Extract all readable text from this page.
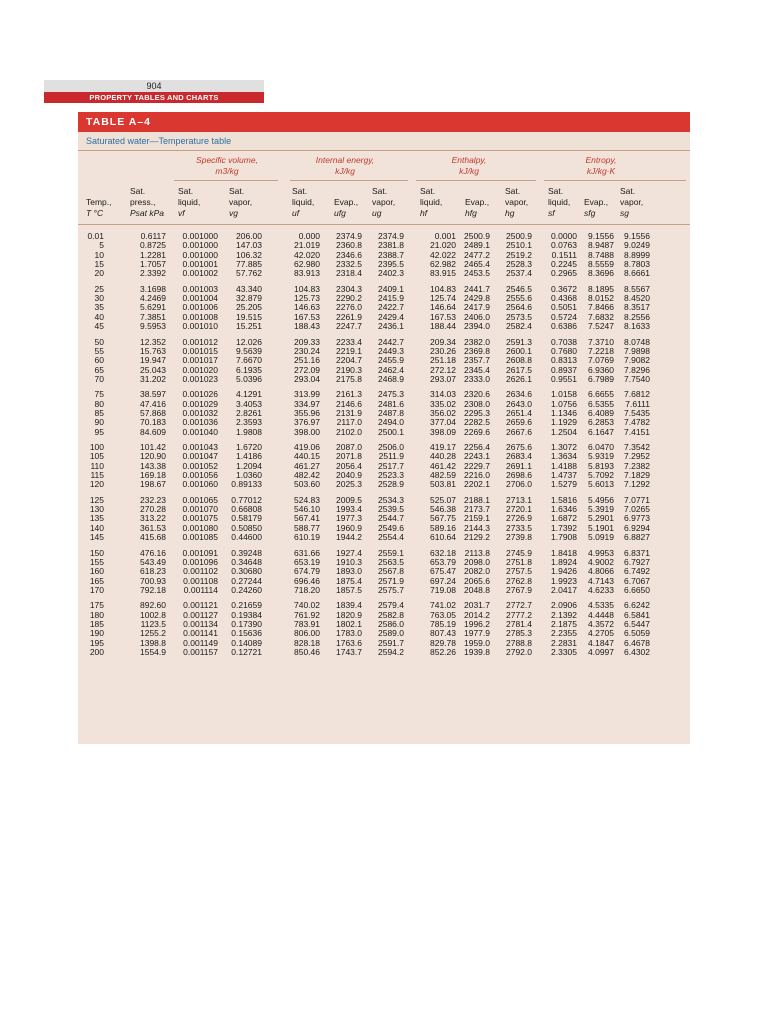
904
PROPERTY TABLES AND CHARTS
TABLE A–4
Saturated water—Temperature table
Specific volume,
m3/kg
Internal energy,
kJ/kg
Enthalpy,
kJ/kg
Entropy,
kJ/kg·K

Temp.,
T °C
Sat.
press.,
Psat kPa
Sat.
liquid,
vf
Sat.
vapor,
vg
Sat.
liquid,
uf

Evap.,
ufg
Sat.
vapor,
ug
Sat.
liquid,
hf

Evap.,
hfg
Sat.
vapor,
hg
Sat.
liquid,
sf

Evap.,
sfg
Sat.
vapor,
sg
0.01	0.6117 0.001000 206.00	0.000 2374.9 2374.9	0.001 2500.9 2500.9 0.0000 9.1556 9.1556
5	0.8725 0.001000 147.03	21.019 2360.8 2381.8	21.020 2489.1 2510.1 0.0763 8.9487 9.0249
10	1.2281 0.001000 106.32	42.020 2346.6 2388.7	42.022 2477.2 2519.2 0.1511 8.7488 8.8999
15	1.7057 0.001001 77.885	62.980 2332.5 2395.5	62.982 2465.4 2528.3 0.2245 8.5559 8.7803
20	2.3392 0.001002 57.762	83.913 2318.4 2402.3	83.915 2453.5 2537.4 0.2965 8.3696 8.6661
25	3.1698 0.001003 43.340	104.83 2304.3 2409.1	104.83 2441.7 2546.5 0.3672 8.1895 8.5567
30	4.2469 0.001004 32.879	125.73 2290.2 2415.9	125.74 2429.8 2555.6 0.4368 8.0152 8.4520
35	5.6291 0.001006 25.205	146.63 2276.0 2422.7	146.64 2417.9 2564.6 0.5051 7.8466 8.3517
40	7.3851 0.001008 19.515	167.53 2261.9 2429.4	167.53 2406.0 2573.5 0.5724 7.6832 8.2556
45	9.5953 0.001010 15.251	188.43 2247.7 2436.1	188.44 2394.0 2582.4 0.6386 7.5247 8.1633
50	12.352 0.001012 12.026	209.33 2233.4 2442.7	209.34 2382.0 2591.3 0.7038 7.3710 8.0748
55	15.763 0.001015 9.5639	230.24 2219.1 2449.3	230.26 2369.8 2600.1 0.7680 7.2218 7.9898
60	19.947 0.001017 7.6670	251.16 2204.7 2455.9	251.18 2357.7 2608.8 0.8313 7.0769 7.9082
65	25.043 0.001020 6.1935	272.09 2190.3 2462.4	272.12 2345.4 2617.5 0.8937 6.9360 7.8296
70	31.202 0.001023 5.0396	293.04 2175.8 2468.9	293.07 2333.0 2626.1 0.9551 6.7989 7.7540
75	38.597 0.001026 4.1291	313.99 2161.3 2475.3	314.03 2320.6 2634.6 1.0158 6.6655 7.6812
80	47.416 0.001029 3.4053	334.97 2146.6 2481.6	335.02 2308.0 2643.0 1.0756 6.5355 7.6111
85	57.868 0.001032 2.8261	355.96 2131.9 2487.8	356.02 2295.3 2651.4 1.1346 6.4089 7.5435
90	70.183 0.001036 2.3593	376.97 2117.0 2494.0	377.04 2282.5 2659.6 1.1929 6.2853 7.4782
95	84.609 0.001040 1.9808	398.00 2102.0 2500.1	398.09 2269.6 2667.6 1.2504 6.1647 7.4151
100	101.42 0.001043 1.6720	419.06 2087.0 2506.0	419.17 2256.4 2675.6 1.3072 6.0470 7.3542
105	120.90 0.001047 1.4186	440.15 2071.8 2511.9	440.28 2243.1 2683.4 1.3634 5.9319 7.2952
110	143.38 0.001052 1.2094	461.27 2056.4 2517.7	461.42 2229.7 2691.1 1.4188 5.8193 7.2382
115	169.18 0.001056 1.0360	482.42 2040.9 2523.3	482.59 2216.0 2698.6 1.4737 5.7092 7.1829
120	198.67 0.001060 0.89133	503.60 2025.3 2528.9	503.81 2202.1 2706.0 1.5279 5.6013 7.1292
125	232.23 0.001065 0.77012	524.83 2009.5 2534.3	525.07 2188.1 2713.1 1.5816 5.4956 7.0771
130	270.28 0.001070 0.66808	546.10 1993.4 2539.5	546.38 2173.7 2720.1 1.6346 5.3919 7.0265
135	313.22 0.001075 0.58179	567.41 1977.3 2544.7	567.75 2159.1 2726.9 1.6872 5.2901 6.9773
140	361.53 0.001080 0.50850	588.77 1960.9 2549.6	589.16 2144.3 2733.5 1.7392 5.1901 6.9294
145	415.68 0.001085 0.44600	610.19 1944.2 2554.4	610.64 2129.2 2739.8 1.7908 5.0919 6.8827
150	476.16 0.001091 0.39248	631.66 1927.4 2559.1	632.18 2113.8 2745.9 1.8418 4.9953 6.8371
155	543.49 0.001096 0.34648	653.19 1910.3 2563.5	653.79 2098.0 2751.8 1.8924 4.9002 6.7927
160	618.23 0.001102 0.30680	674.79 1893.0 2567.8	675.47 2082.0 2757.5 1.9426 4.8066 6.7492
165	700.93 0.001108 0.27244	696.46 1875.4 2571.9	697.24 2065.6 2762.8 1.9923 4.7143 6.7067
170	792.18 0.001114 0.24260	718.20 1857.5 2575.7	719.08 2048.8 2767.9 2.0417 4.6233 6.6650
175	892.60 0.001121 0.21659	740.02 1839.4 2579.4	741.02 2031.7 2772.7 2.0906 4.5335 6.6242
180	1002.8 0.001127 0.19384	761.92 1820.9 2582.8	763.05 2014.2 2777.2 2.1392 4.4448 6.5841
185	1123.5 0.001134 0.17390	783.91 1802.1 2586.0	785.19 1996.2 2781.4 2.1875 4.3572 6.5447
190	1255.2 0.001141 0.15636	806.00 1783.0 2589.0	807.43 1977.9 2785.3 2.2355 4.2705 6.5059
195	1398.8 0.001149 0.14089	828.18 1763.6 2591.7	829.78 1959.0 2788.8 2.2831 4.1847 6.4678
200	1554.9 0.001157 0.12721	850.46 1743.7 2594.2	852.26 1939.8 2792.0 2.3305 4.0997 6.4302
